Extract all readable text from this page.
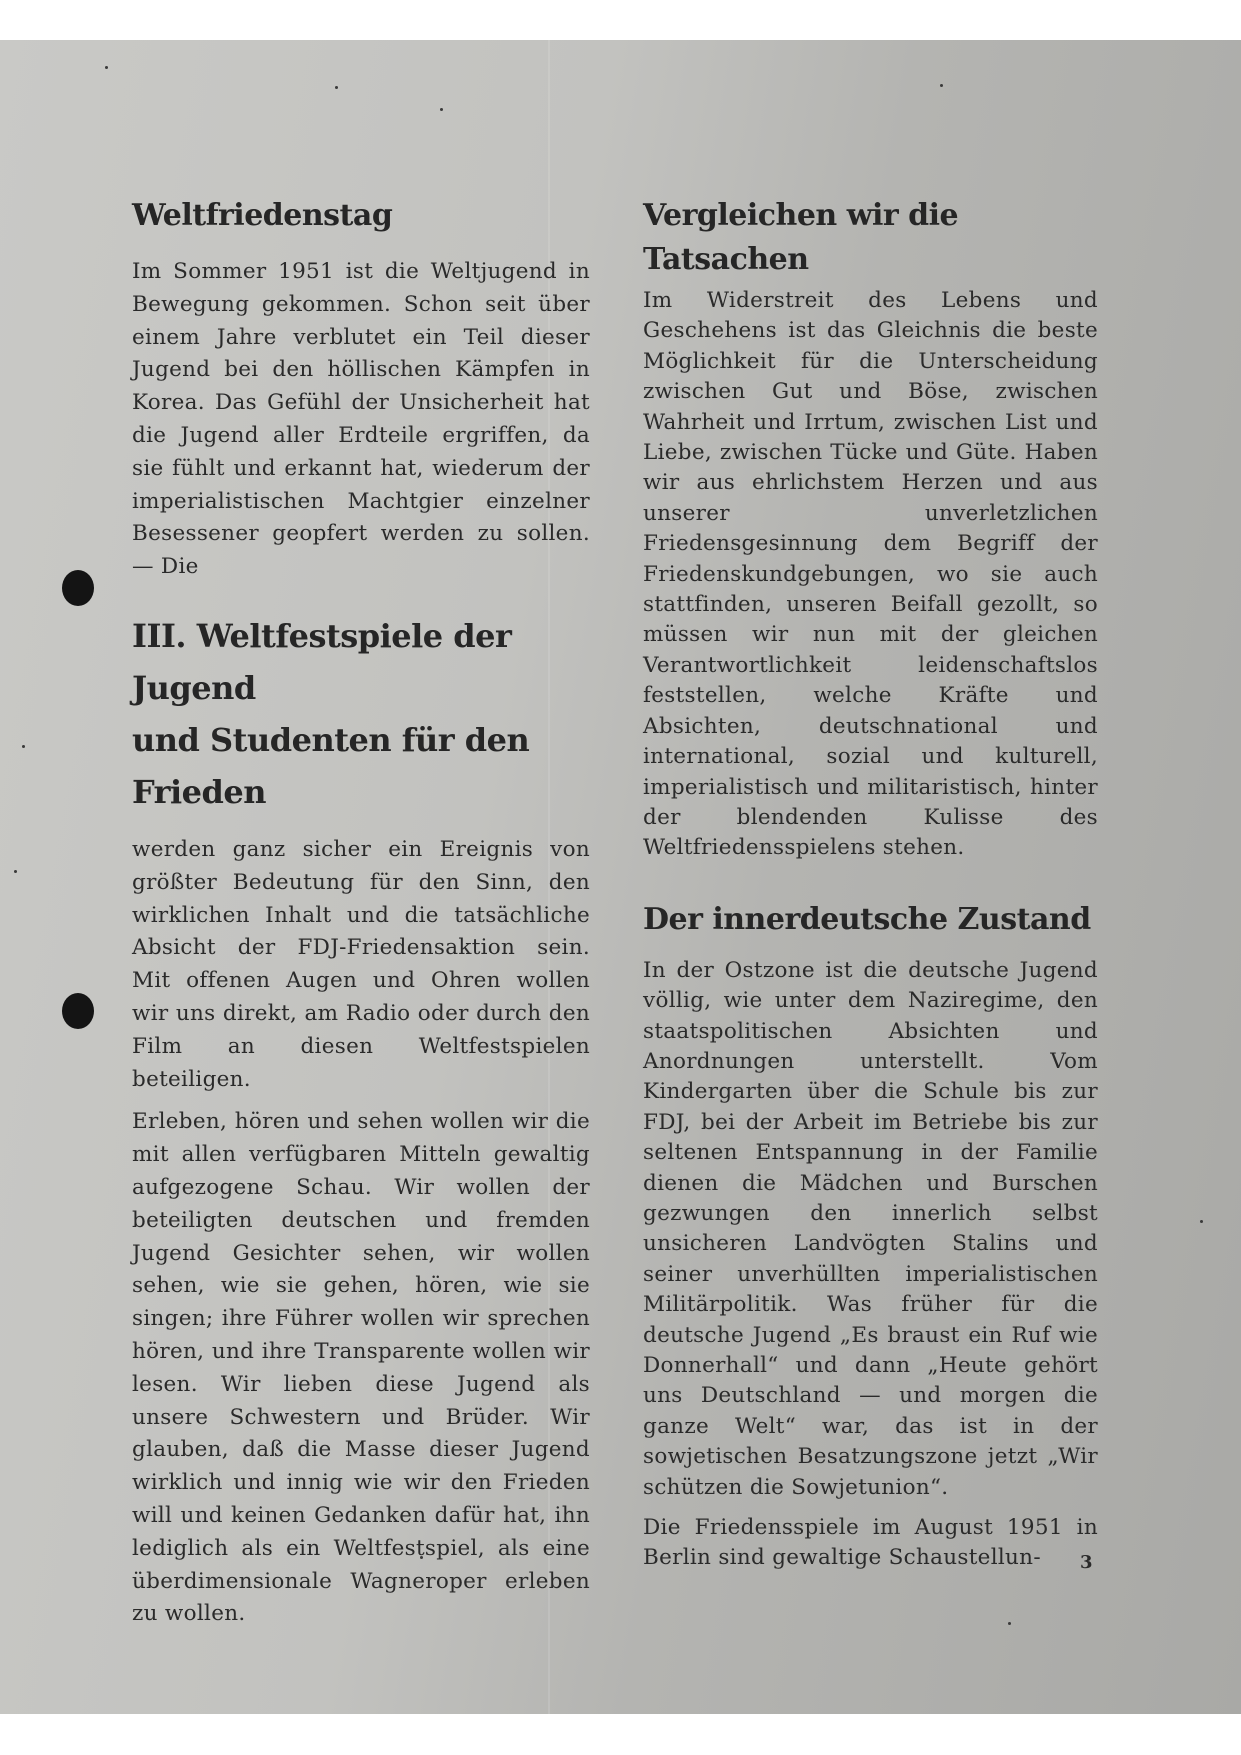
Weltfriedenstag

Im Sommer 1951 ist die Weltjugend in Bewegung gekommen. Schon seit über einem Jahre verblutet ein Teil dieser Jugend bei den höllischen Kämpfen in Korea. Das Gefühl der Unsicherheit hat die Jugend aller Erdteile ergriffen, da sie fühlt und erkannt hat, wiederum der imperialistischen Machtgier einzelner Besessener geopfert werden zu sollen. — Die

III. Weltfestspiele der Jugend
und Studenten für den Frieden

werden ganz sicher ein Ereignis von größter Bedeutung für den Sinn, den wirklichen Inhalt und die tatsächliche Absicht der FDJ-Friedensaktion sein. Mit offenen Augen und Ohren wollen wir uns direkt, am Radio oder durch den Film an diesen Weltfestspielen beteiligen.

Erleben, hören und sehen wollen wir die mit allen verfügbaren Mitteln gewaltig aufgezogene Schau. Wir wollen der beteiligten deutschen und fremden Jugend Gesichter sehen, wir wollen sehen, wie sie gehen, hören, wie sie singen; ihre Führer wollen wir sprechen hören, und ihre Transparente wollen wir lesen. Wir lieben diese Jugend als unsere Schwestern und Brüder. Wir glauben, daß die Masse dieser Jugend wirklich und innig wie wir den Frieden will und keinen Gedanken dafür hat, ihn lediglich als ein Weltfestspiel, als eine überdimensionale Wagneroper erleben zu wollen.

Vergleichen wir die Tatsachen

Im Widerstreit des Lebens und Geschehens ist das Gleichnis die beste Möglichkeit für die Unterscheidung zwischen Gut und Böse, zwischen Wahrheit und Irrtum, zwischen List und Liebe, zwischen Tücke und Güte. Haben wir aus ehrlichstem Herzen und aus unserer unverletzlichen Friedensgesinnung dem Begriff der Friedenskundgebungen, wo sie auch stattfinden, unseren Beifall gezollt, so müssen wir nun mit der gleichen Verantwortlichkeit leidenschaftslos feststellen, welche Kräfte und Absichten, deutschnational und international, sozial und kulturell, imperialistisch und militaristisch, hinter der blendenden Kulisse des Weltfriedensspielens stehen.

Der innerdeutsche Zustand

In der Ostzone ist die deutsche Jugend völlig, wie unter dem Naziregime, den staatspolitischen Absichten und Anordnungen unterstellt. Vom Kindergarten über die Schule bis zur FDJ, bei der Arbeit im Betriebe bis zur seltenen Entspannung in der Familie dienen die Mädchen und Burschen gezwungen den innerlich selbst unsicheren Landvögten Stalins und seiner unverhüllten imperialistischen Militärpolitik. Was früher für die deutsche Jugend „Es braust ein Ruf wie Donnerhall“ und dann „Heute gehört uns Deutschland — und morgen die ganze Welt“ war, das ist in der sowjetischen Besatzungszone jetzt „Wir schützen die Sowjetunion“.

Die Friedensspiele im August 1951 in Berlin sind gewaltige Schaustellun-	3
